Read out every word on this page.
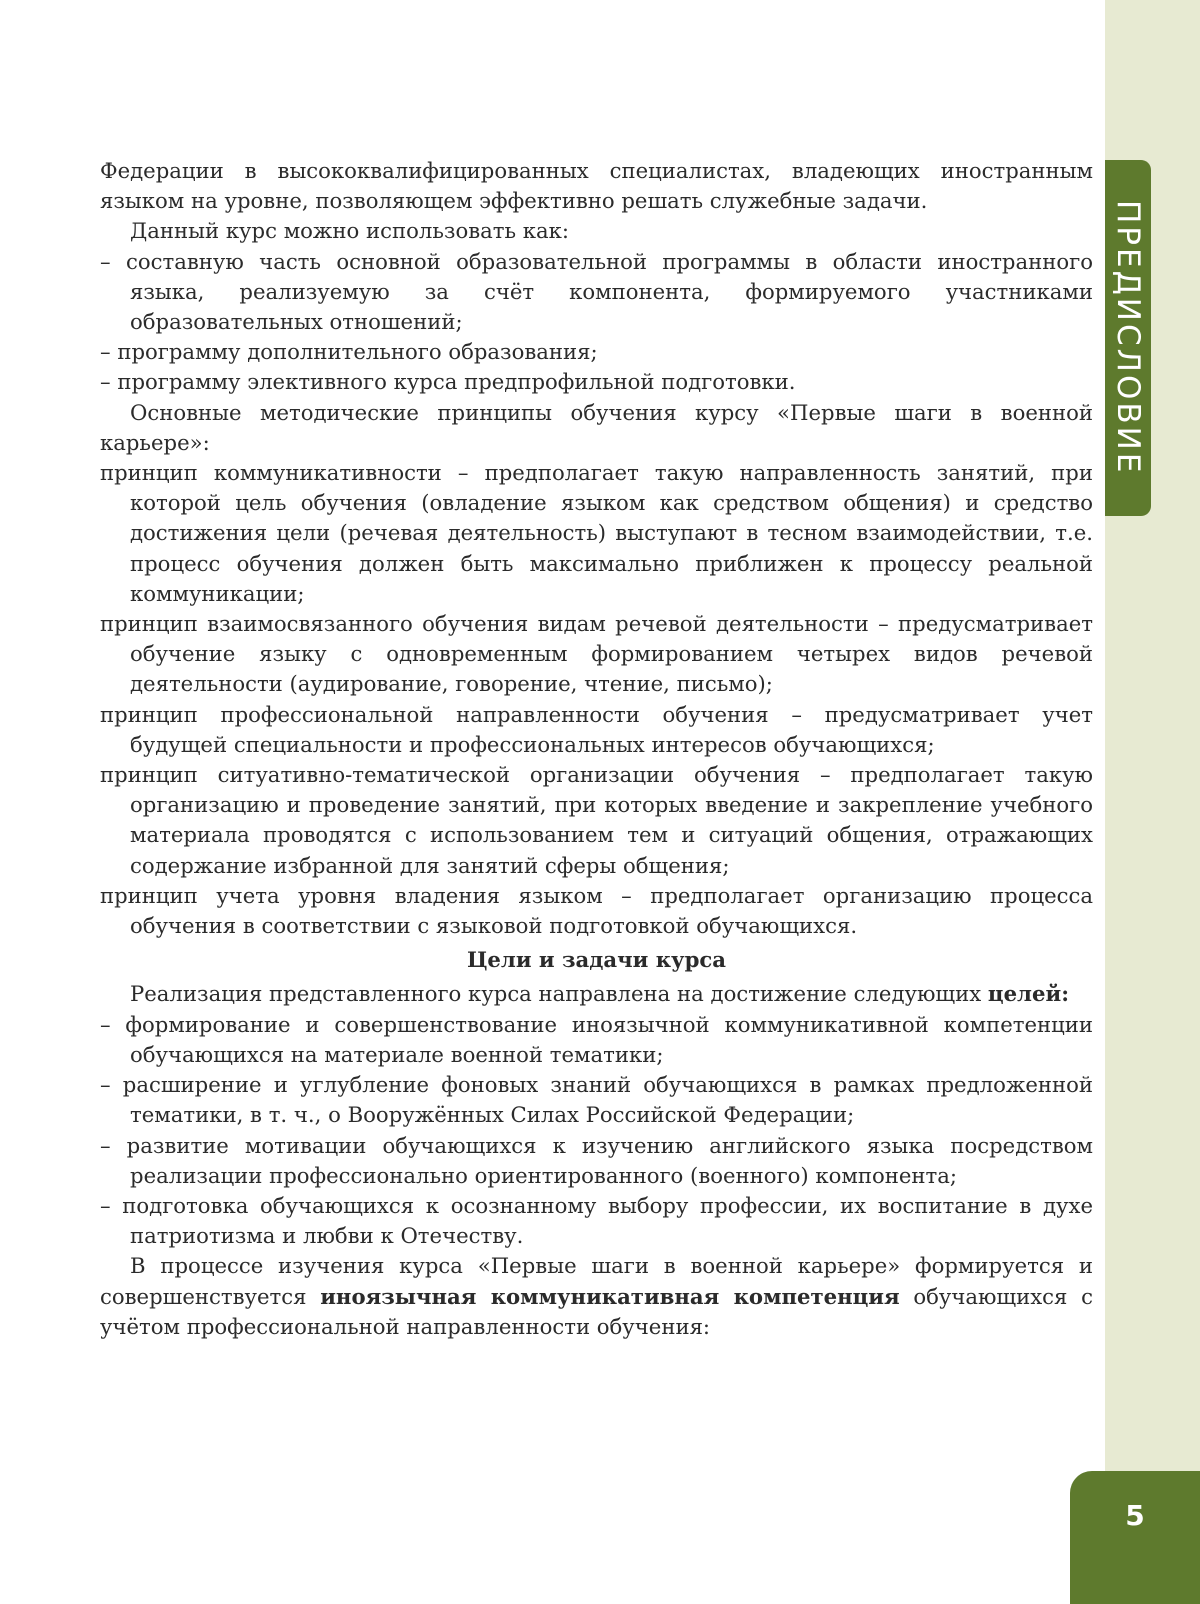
ПРЕДИСЛОВИЕ

Федерации в высококвалифицированных специалистах, владеющих иностранным языком на уровне, позволяющем эффективно решать служебные задачи.

Данный курс можно использовать как:

– составную часть основной образовательной программы в области иностранного языка, реализуемую за счёт компонента, формируемого участниками образовательных отношений;

– программу дополнительного образования;

– программу элективного курса предпрофильной подготовки.

Основные методические принципы обучения курсу «Первые шаги в военной карьере»:

принцип коммуникативности – предполагает такую направленность занятий, при которой цель обучения (овладение языком как средством общения) и средство достижения цели (речевая деятельность) выступают в тесном взаимодействии, т.е. процесс обучения должен быть максимально приближен к процессу реальной коммуникации;

принцип взаимосвязанного обучения видам речевой деятельности – предусматривает обучение языку с одновременным формированием четырех видов речевой деятельности (аудирование, говорение, чтение, письмо);

принцип профессиональной направленности обучения – предусматривает учет будущей специальности и профессиональных интересов обучающихся;

принцип ситуативно-тематической организации обучения – предполагает такую организацию и проведение занятий, при которых введение и закрепление учебного материала проводятся с использованием тем и ситуаций общения, отражающих содержание избранной для занятий сферы общения;

принцип учета уровня владения языком – предполагает организацию процесса обучения в соответствии с языковой подготовкой обучающихся.

Цели и задачи курса

Реализация представленного курса направлена на достижение следующих целей:

– формирование и совершенствование иноязычной коммуникативной компетенции обучающихся на материале военной тематики;

– расширение и углубление фоновых знаний обучающихся в рамках предложенной тематики, в т. ч., о Вооружённых Силах Российской Федерации;

– развитие мотивации обучающихся к изучению английского языка посредством реализации профессионально ориентированного (военного) компонента;

– подготовка обучающихся к осознанному выбору профессии, их воспитание в духе патриотизма и любви к Отечеству.

В процессе изучения курса «Первые шаги в военной карьере» формируется и совершенствуется иноязычная коммуникативная компетенция обучающихся с учётом профессиональной направленности обучения:

5
